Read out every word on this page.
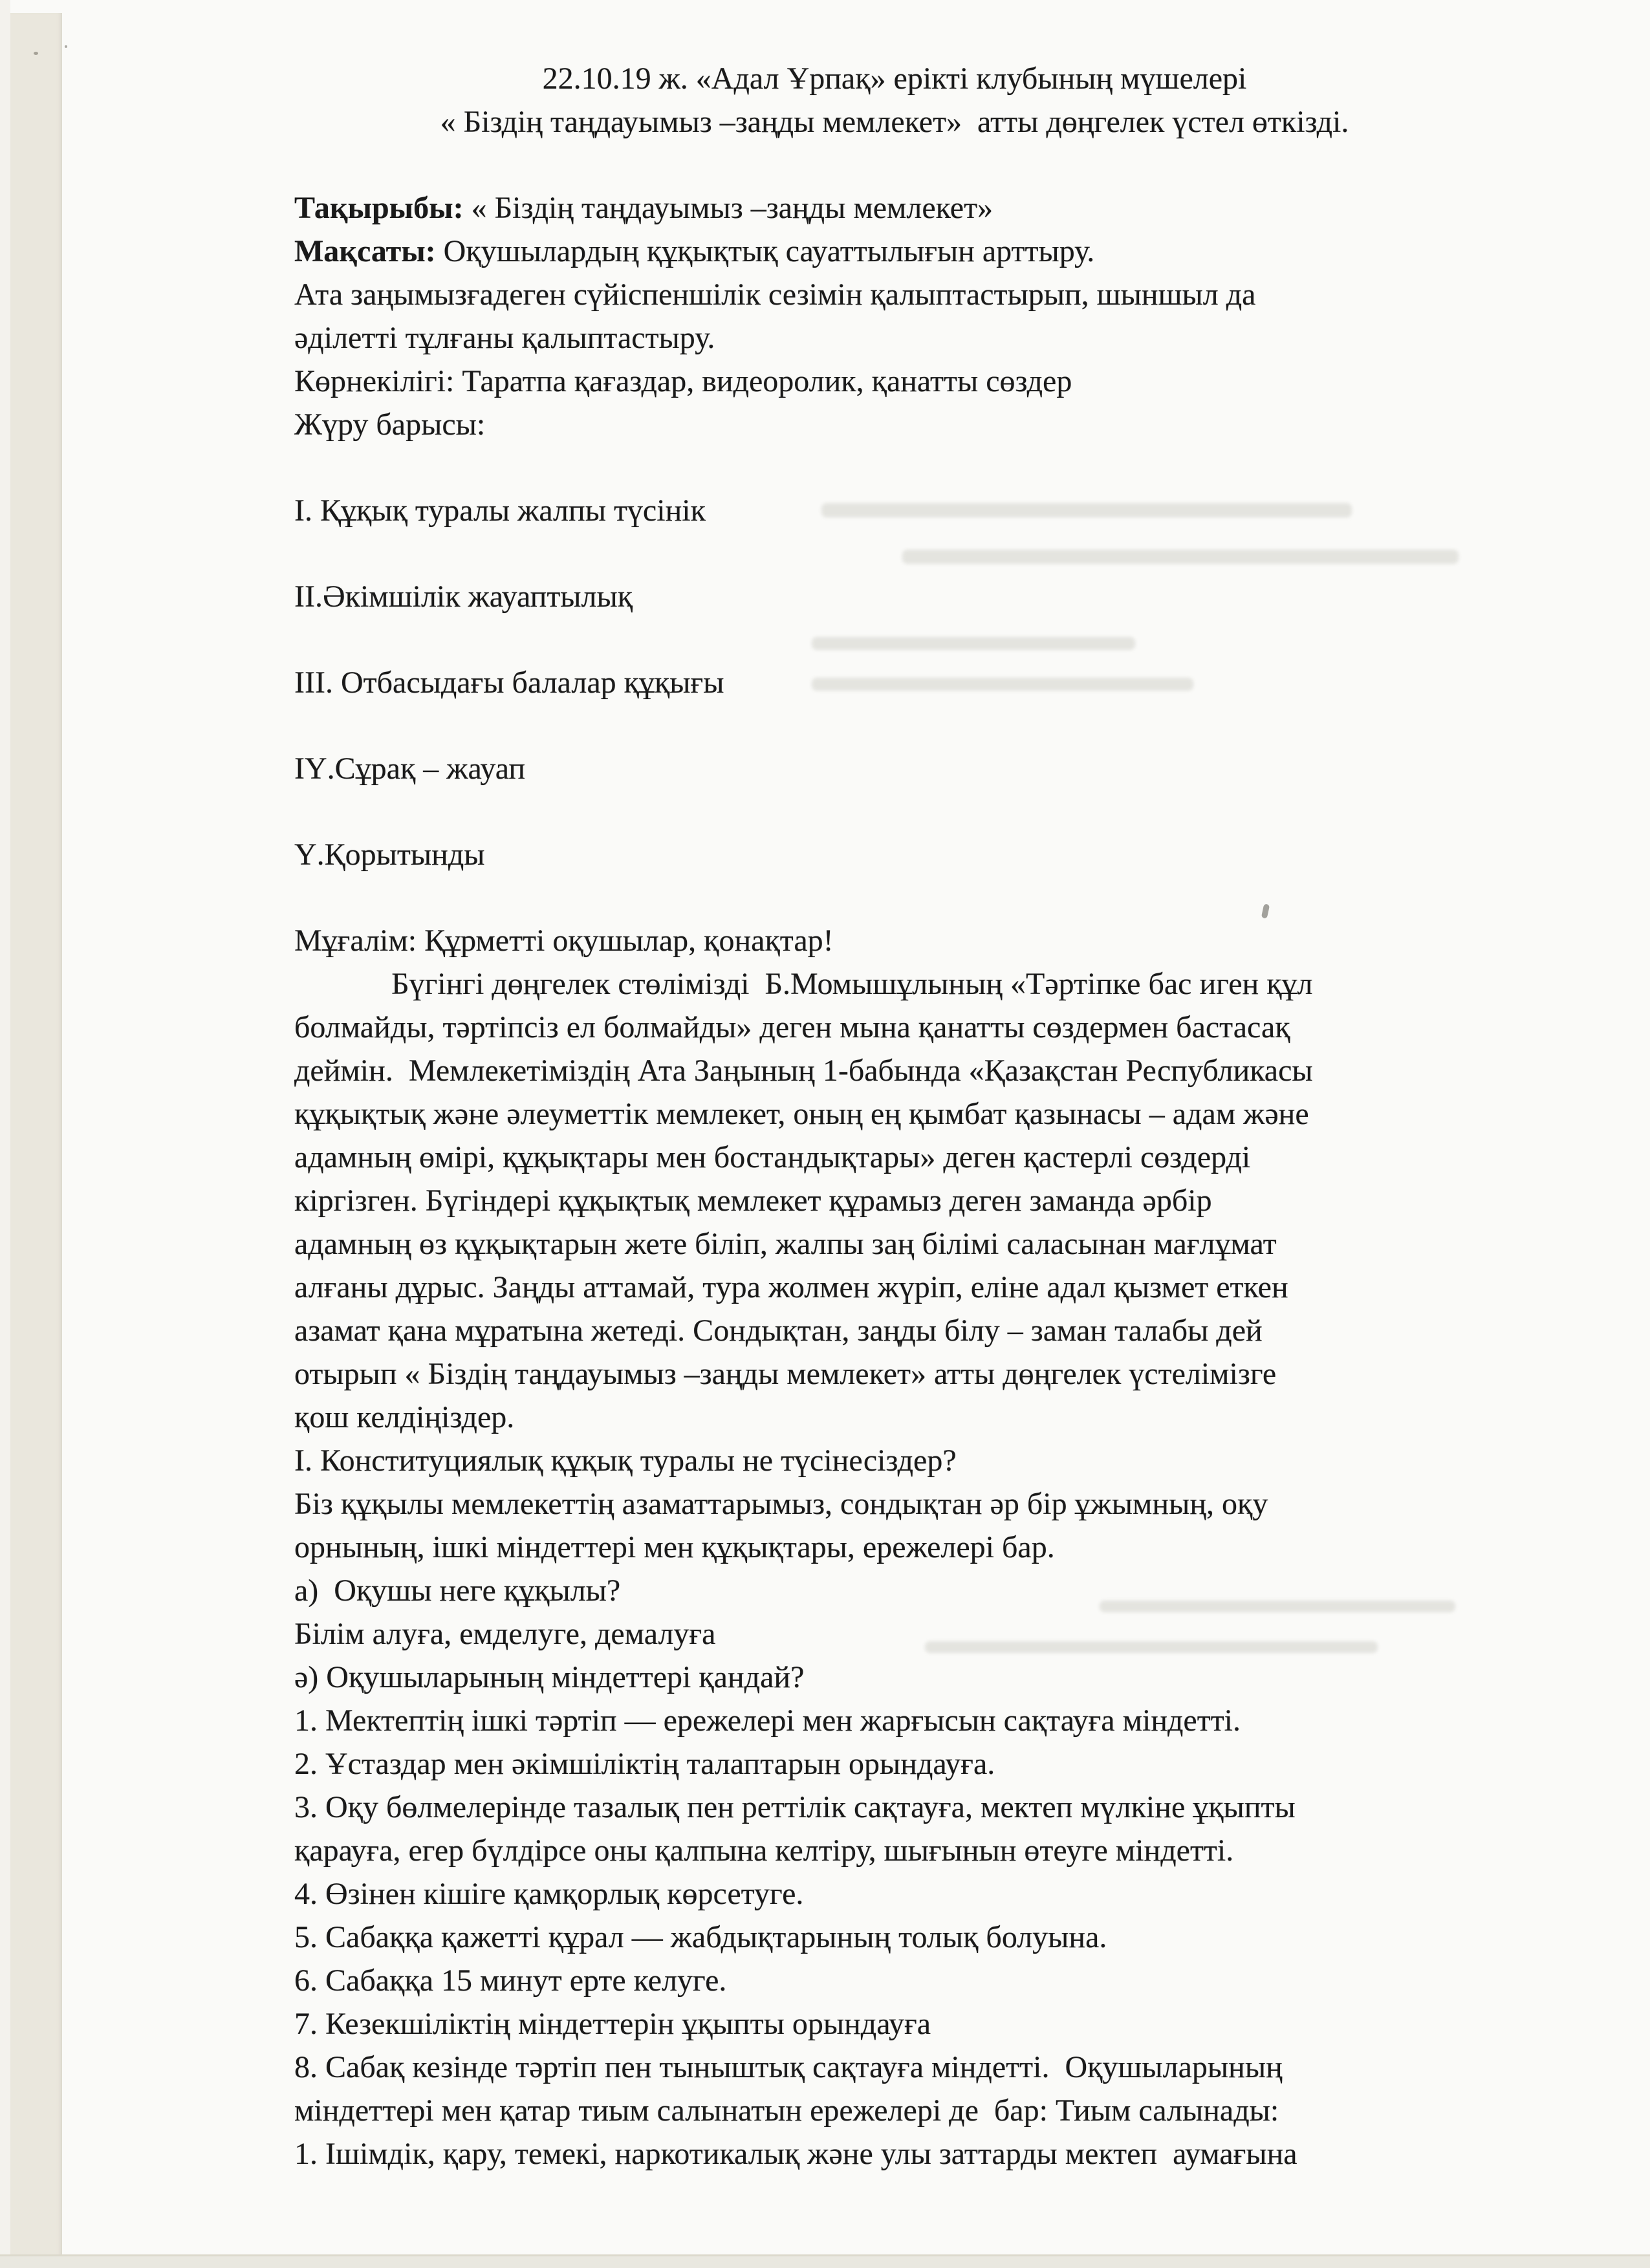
22.10.19 ж. «Адал Ұрпақ» ерікті клубының мүшелері
« Біздің таңдауымыз –заңды мемлекет»  атты дөңгелек үстел өткізді.
Тақырыбы: « Біздің таңдауымыз –заңды мемлекет»
Мақсаты: Оқушылардың құқықтық сауаттылығын арттыру.
Ата заңымызғадеген сүйіспеншілік сезімін қалыптастырып, шыншыл да
әділетті тұлғаны қалыптастыру.
Көрнекілігі: Таратпа қағаздар, видеоролик, қанатты сөздер
Жүру барысы:
І. Құқық туралы жалпы түсінік
ІІ.Әкімшілік жауаптылық
ІІІ. Отбасыдағы балалар құқығы
ІҮ.Сұрақ – жауап
Ү.Қорытынды
Мұғалім: Құрметті оқушылар, қонақтар!
Бүгінгі дөңгелек стөлімізді  Б.Момышұлының «Тәртіпке бас иген құл
болмайды, тәртіпсіз ел болмайды» деген мына қанатты сөздермен бастасақ
деймін.  Мемлекетіміздің Ата Заңының 1-бабында «Қазақстан Республикасы
құқықтық және әлеуметтік мемлекет, оның ең қымбат қазынасы – адам және
адамның өмірі, құқықтары мен бостандықтары» деген қастерлі сөздерді
кіргізген. Бүгіндері құқықтық мемлекет құрамыз деген заманда әрбір
адамның өз құқықтарын жете біліп, жалпы заң білімі саласынан мағлұмат
алғаны дұрыс. Заңды аттамай, тура жолмен жүріп, еліне адал қызмет еткен
азамат қана мұратына жетеді. Сондықтан, заңды білу – заман талабы дей
отырып « Біздің таңдауымыз –заңды мемлекет» атты дөңгелек үстелімізге
қош келдіңіздер.
І. Конституциялық құқық туралы не түсінесіздер?
Біз құқылы мемлекеттің азаматтарымыз, сондықтан әр бір ұжымның, оқу
орнының, ішкі міндеттері мен құқықтары, ережелері бар.
а)  Оқушы неге құқылы?
Білім алуға, емделуге, демалуға
ә) Оқушыларының міндеттері қандай?
1. Мектептің ішкі тәртіп — ережелері мен жарғысын сақтауға міндетті.
2. Ұстаздар мен әкімшіліктің талаптарын орындауға.
3. Оқу бөлмелерінде тазалық пен реттілік сақтауға, мектеп мүлкіне ұқыпты
қарауға, егер бүлдірсе оны қалпына келтіру, шығынын өтеуге міндетті.
4. Өзінен кішіге қамқорлық көрсетуге.
5. Сабаққа қажетті құрал — жабдықтарының толық болуына.
6. Сабаққа 15 минут ерте келуге.
7. Кезекшіліктің міндеттерін ұқыпты орындауға
8. Сабақ кезінде тәртіп пен тыныштық сақтауға міндетті.  Оқушыларының
міндеттері мен қатар тиым салынатын ережелері де  бар: Тиым салынады:
1. Ішімдік, қару, темекі, наркотикалық және улы заттарды мектеп  аумағына
